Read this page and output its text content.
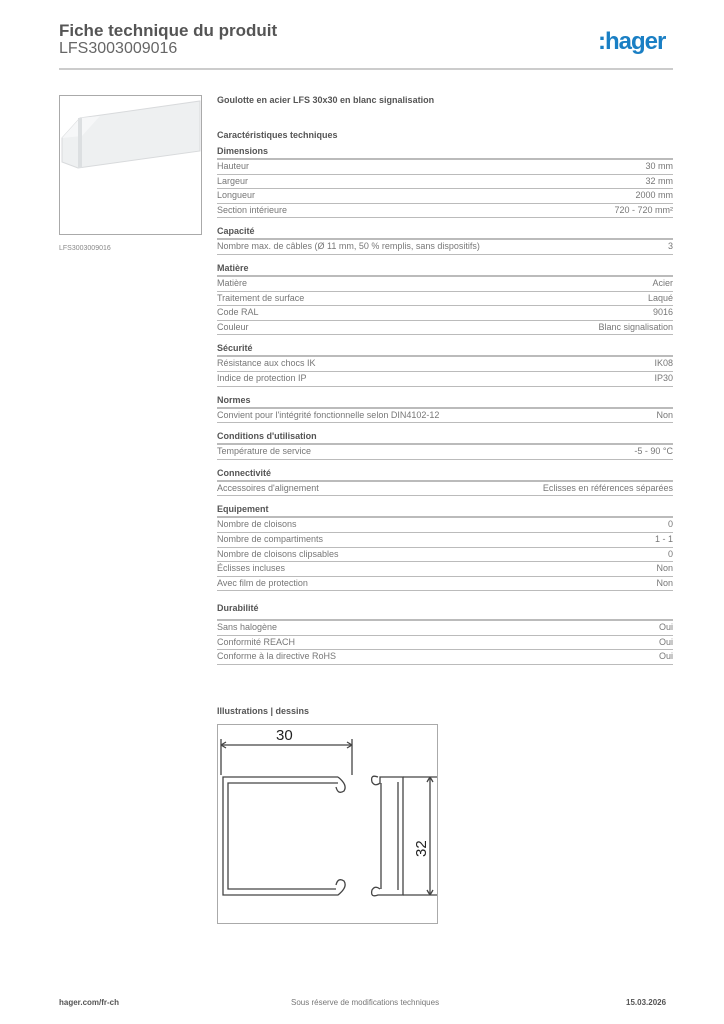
Fiche technique du produit
LFS3003009016	:hager
LFS3003009016
Goulotte en acier LFS 30x30 en blanc signalisation
Caractéristiques techniques
Dimensions
Hauteur	30 mm
Largeur	32 mm
Longueur	2000 mm
Section intérieure	720 - 720 mm²
Capacité
Nombre max. de câbles (Ø 11 mm, 50 % remplis, sans dispositifs)	3
Matière
Matière	Acier
Traitement de surface	Laqué
Code RAL	9016
Couleur	Blanc signalisation
Sécurité
Résistance aux chocs IK	IK08
Indice de protection IP	IP30
Normes
Convient pour l'intégrité fonctionnelle selon DIN4102-12	Non
Conditions d'utilisation
Température de service	-5 - 90 °C
Connectivité
Accessoires d'alignement	Eclisses en références séparées
Equipement
Nombre de cloisons	0
Nombre de compartiments	1 - 1
Nombre de cloisons clipsables	0
Éclisses incluses	Non
Avec film de protection	Non
Durabilité
Sans halogène	Oui
Conformité REACH	Oui
Conforme à la directive RoHS	Oui
Illustrations | dessins
30
32
hager.com/fr-ch	Sous réserve de modifications techniques	15.03.2026
